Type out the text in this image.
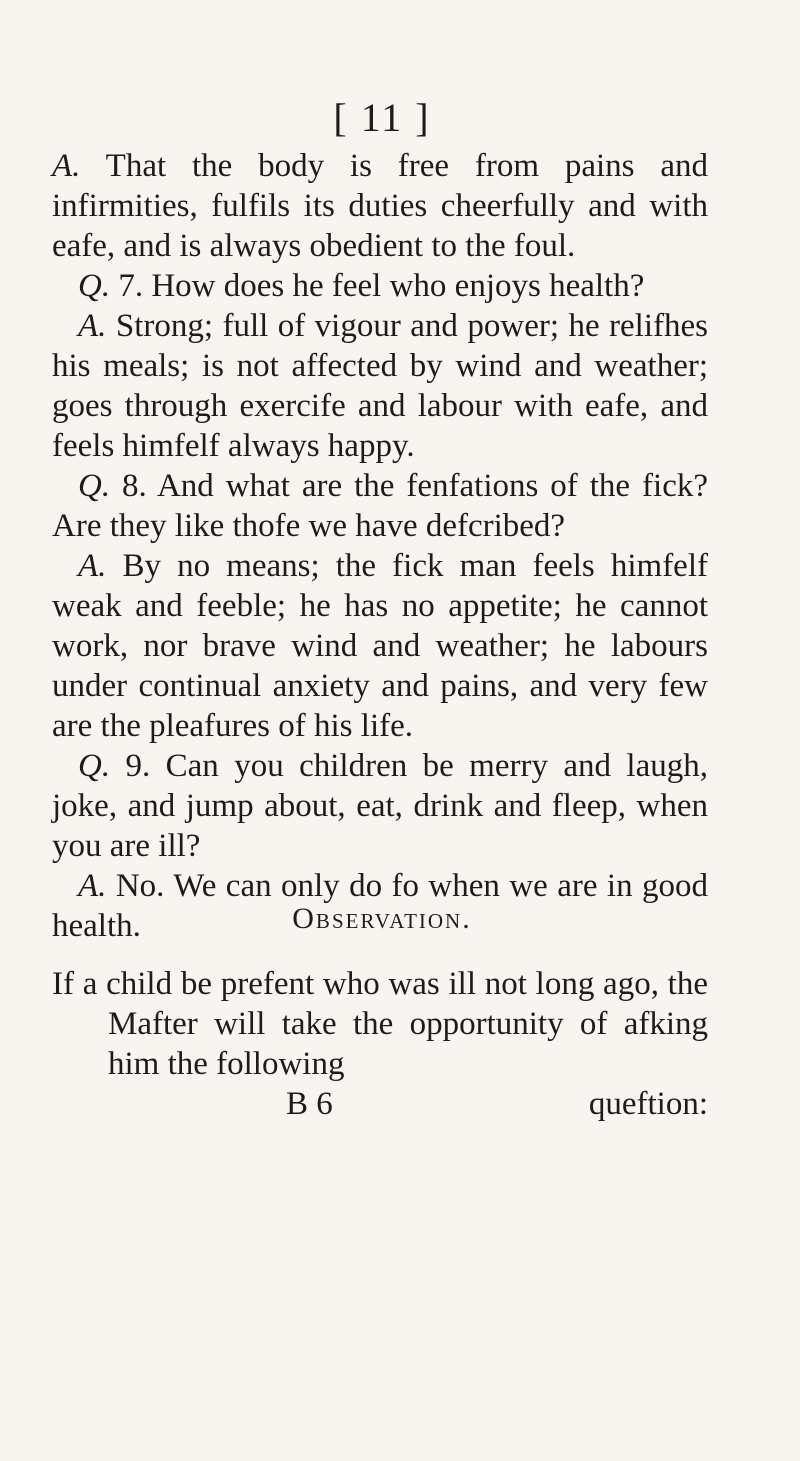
[ 11 ]

A. That the body is free from pains and infirmities, fulfils its duties cheerfully and with eafe, and is always obedient to the foul.

Q. 7. How does he feel who enjoys health?

A. Strong; full of vigour and power; he relifhes his meals; is not affected by wind and weather; goes through exercife and labour with eafe, and feels himfelf always happy.

Q. 8. And what are the fenfations of the fick? Are they like thofe we have defcribed?

A. By no means; the fick man feels himfelf weak and feeble; he has no appetite; he cannot work, nor brave wind and weather; he labours under continual anxiety and pains, and very few are the pleafures of his life.

Q. 9. Can you children be merry and laugh, joke, and jump about, eat, drink and fleep, when you are ill?

A. No. We can only do fo when we are in good health.	Observation.

If a child be prefent who was ill not long ago, the Mafter will take the opportunity of afking him the following

B 6	queftion:
